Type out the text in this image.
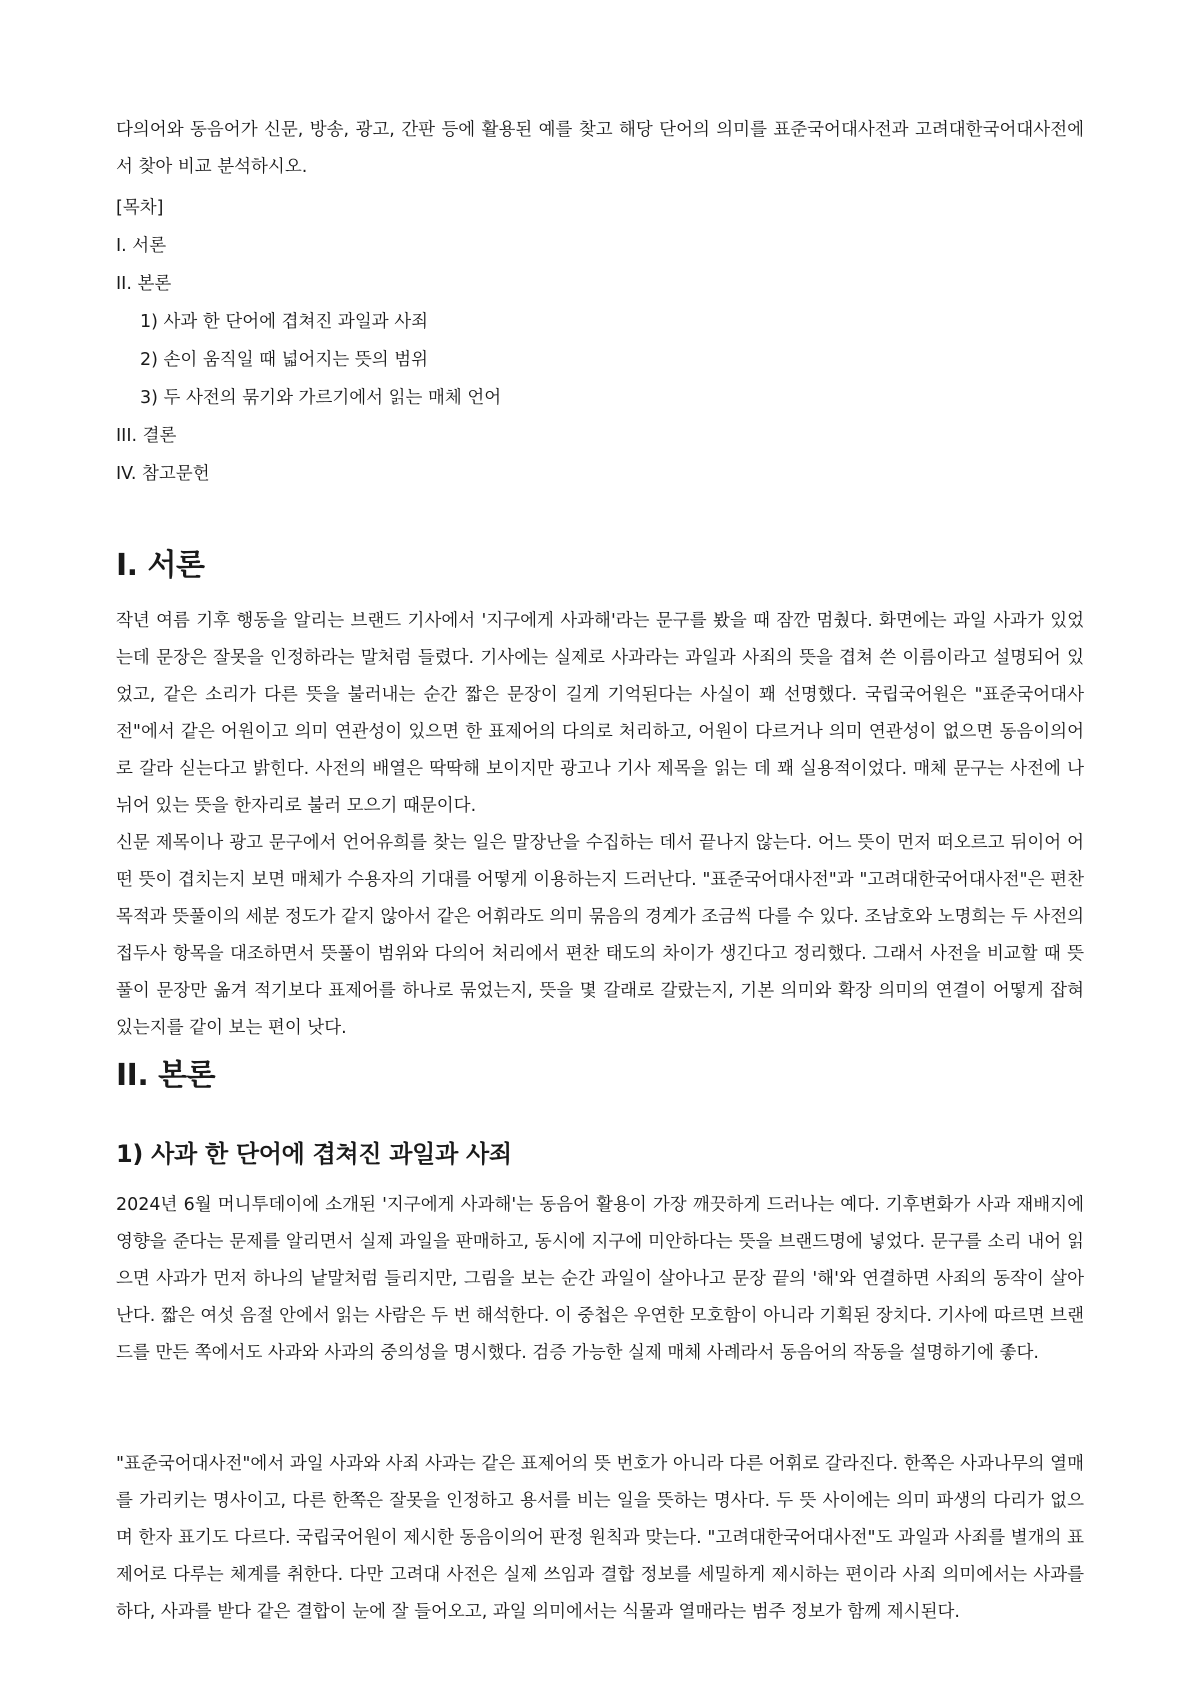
다의어와 동음어가 신문, 방송, 광고, 간판 등에 활용된 예를 찾고 해당 단어의 의미를 표준국어대사전과 고려대한국어대사전에서 찾아 비교 분석하시오.

[목차]
I. 서론
II. 본론
1) 사과 한 단어에 겹쳐진 과일과 사죄
2) 손이 움직일 때 넓어지는 뜻의 범위
3) 두 사전의 묶기와 가르기에서 읽는 매체 언어
III. 결론
IV. 참고문헌
I. 서론

작년 여름 기후 행동을 알리는 브랜드 기사에서 '지구에게 사과해'라는 문구를 봤을 때 잠깐 멈췄다. 화면에는 과일 사과가 있었는데 문장은 잘못을 인정하라는 말처럼 들렸다. 기사에는 실제로 사과라는 과일과 사죄의 뜻을 겹쳐 쓴 이름이라고 설명되어 있었고, 같은 소리가 다른 뜻을 불러내는 순간 짧은 문장이 길게 기억된다는 사실이 꽤 선명했다. 국립국어원은 "표준국어대사전"에서 같은 어원이고 의미 연관성이 있으면 한 표제어의 다의로 처리하고, 어원이 다르거나 의미 연관성이 없으면 동음이의어로 갈라 싣는다고 밝힌다. 사전의 배열은 딱딱해 보이지만 광고나 기사 제목을 읽는 데 꽤 실용적이었다. 매체 문구는 사전에 나뉘어 있는 뜻을 한자리로 불러 모으기 때문이다.

신문 제목이나 광고 문구에서 언어유희를 찾는 일은 말장난을 수집하는 데서 끝나지 않는다. 어느 뜻이 먼저 떠오르고 뒤이어 어떤 뜻이 겹치는지 보면 매체가 수용자의 기대를 어떻게 이용하는지 드러난다. "표준국어대사전"과 "고려대한국어대사전"은 편찬 목적과 뜻풀이의 세분 정도가 같지 않아서 같은 어휘라도 의미 묶음의 경계가 조금씩 다를 수 있다. 조남호와 노명희는 두 사전의 접두사 항목을 대조하면서 뜻풀이 범위와 다의어 처리에서 편찬 태도의 차이가 생긴다고 정리했다. 그래서 사전을 비교할 때 뜻풀이 문장만 옮겨 적기보다 표제어를 하나로 묶었는지, 뜻을 몇 갈래로 갈랐는지, 기본 의미와 확장 의미의 연결이 어떻게 잡혀 있는지를 같이 보는 편이 낫다.

II. 본론
1) 사과 한 단어에 겹쳐진 과일과 사죄

2024년 6월 머니투데이에 소개된 '지구에게 사과해'는 동음어 활용이 가장 깨끗하게 드러나는 예다. 기후변화가 사과 재배지에 영향을 준다는 문제를 알리면서 실제 과일을 판매하고, 동시에 지구에 미안하다는 뜻을 브랜드명에 넣었다. 문구를 소리 내어 읽으면 사과가 먼저 하나의 낱말처럼 들리지만, 그림을 보는 순간 과일이 살아나고 문장 끝의 '해'와 연결하면 사죄의 동작이 살아난다. 짧은 여섯 음절 안에서 읽는 사람은 두 번 해석한다. 이 중첩은 우연한 모호함이 아니라 기획된 장치다. 기사에 따르면 브랜드를 만든 쪽에서도 사과와 사과의 중의성을 명시했다. 검증 가능한 실제 매체 사례라서 동음어의 작동을 설명하기에 좋다.

"표준국어대사전"에서 과일 사과와 사죄 사과는 같은 표제어의 뜻 번호가 아니라 다른 어휘로 갈라진다. 한쪽은 사과나무의 열매를 가리키는 명사이고, 다른 한쪽은 잘못을 인정하고 용서를 비는 일을 뜻하는 명사다. 두 뜻 사이에는 의미 파생의 다리가 없으며 한자 표기도 다르다. 국립국어원이 제시한 동음이의어 판정 원칙과 맞는다. "고려대한국어대사전"도 과일과 사죄를 별개의 표제어로 다루는 체계를 취한다. 다만 고려대 사전은 실제 쓰임과 결합 정보를 세밀하게 제시하는 편이라 사죄 의미에서는 사과를 하다, 사과를 받다 같은 결합이 눈에 잘 들어오고, 과일 의미에서는 식물과 열매라는 범주 정보가 함께 제시된다.
